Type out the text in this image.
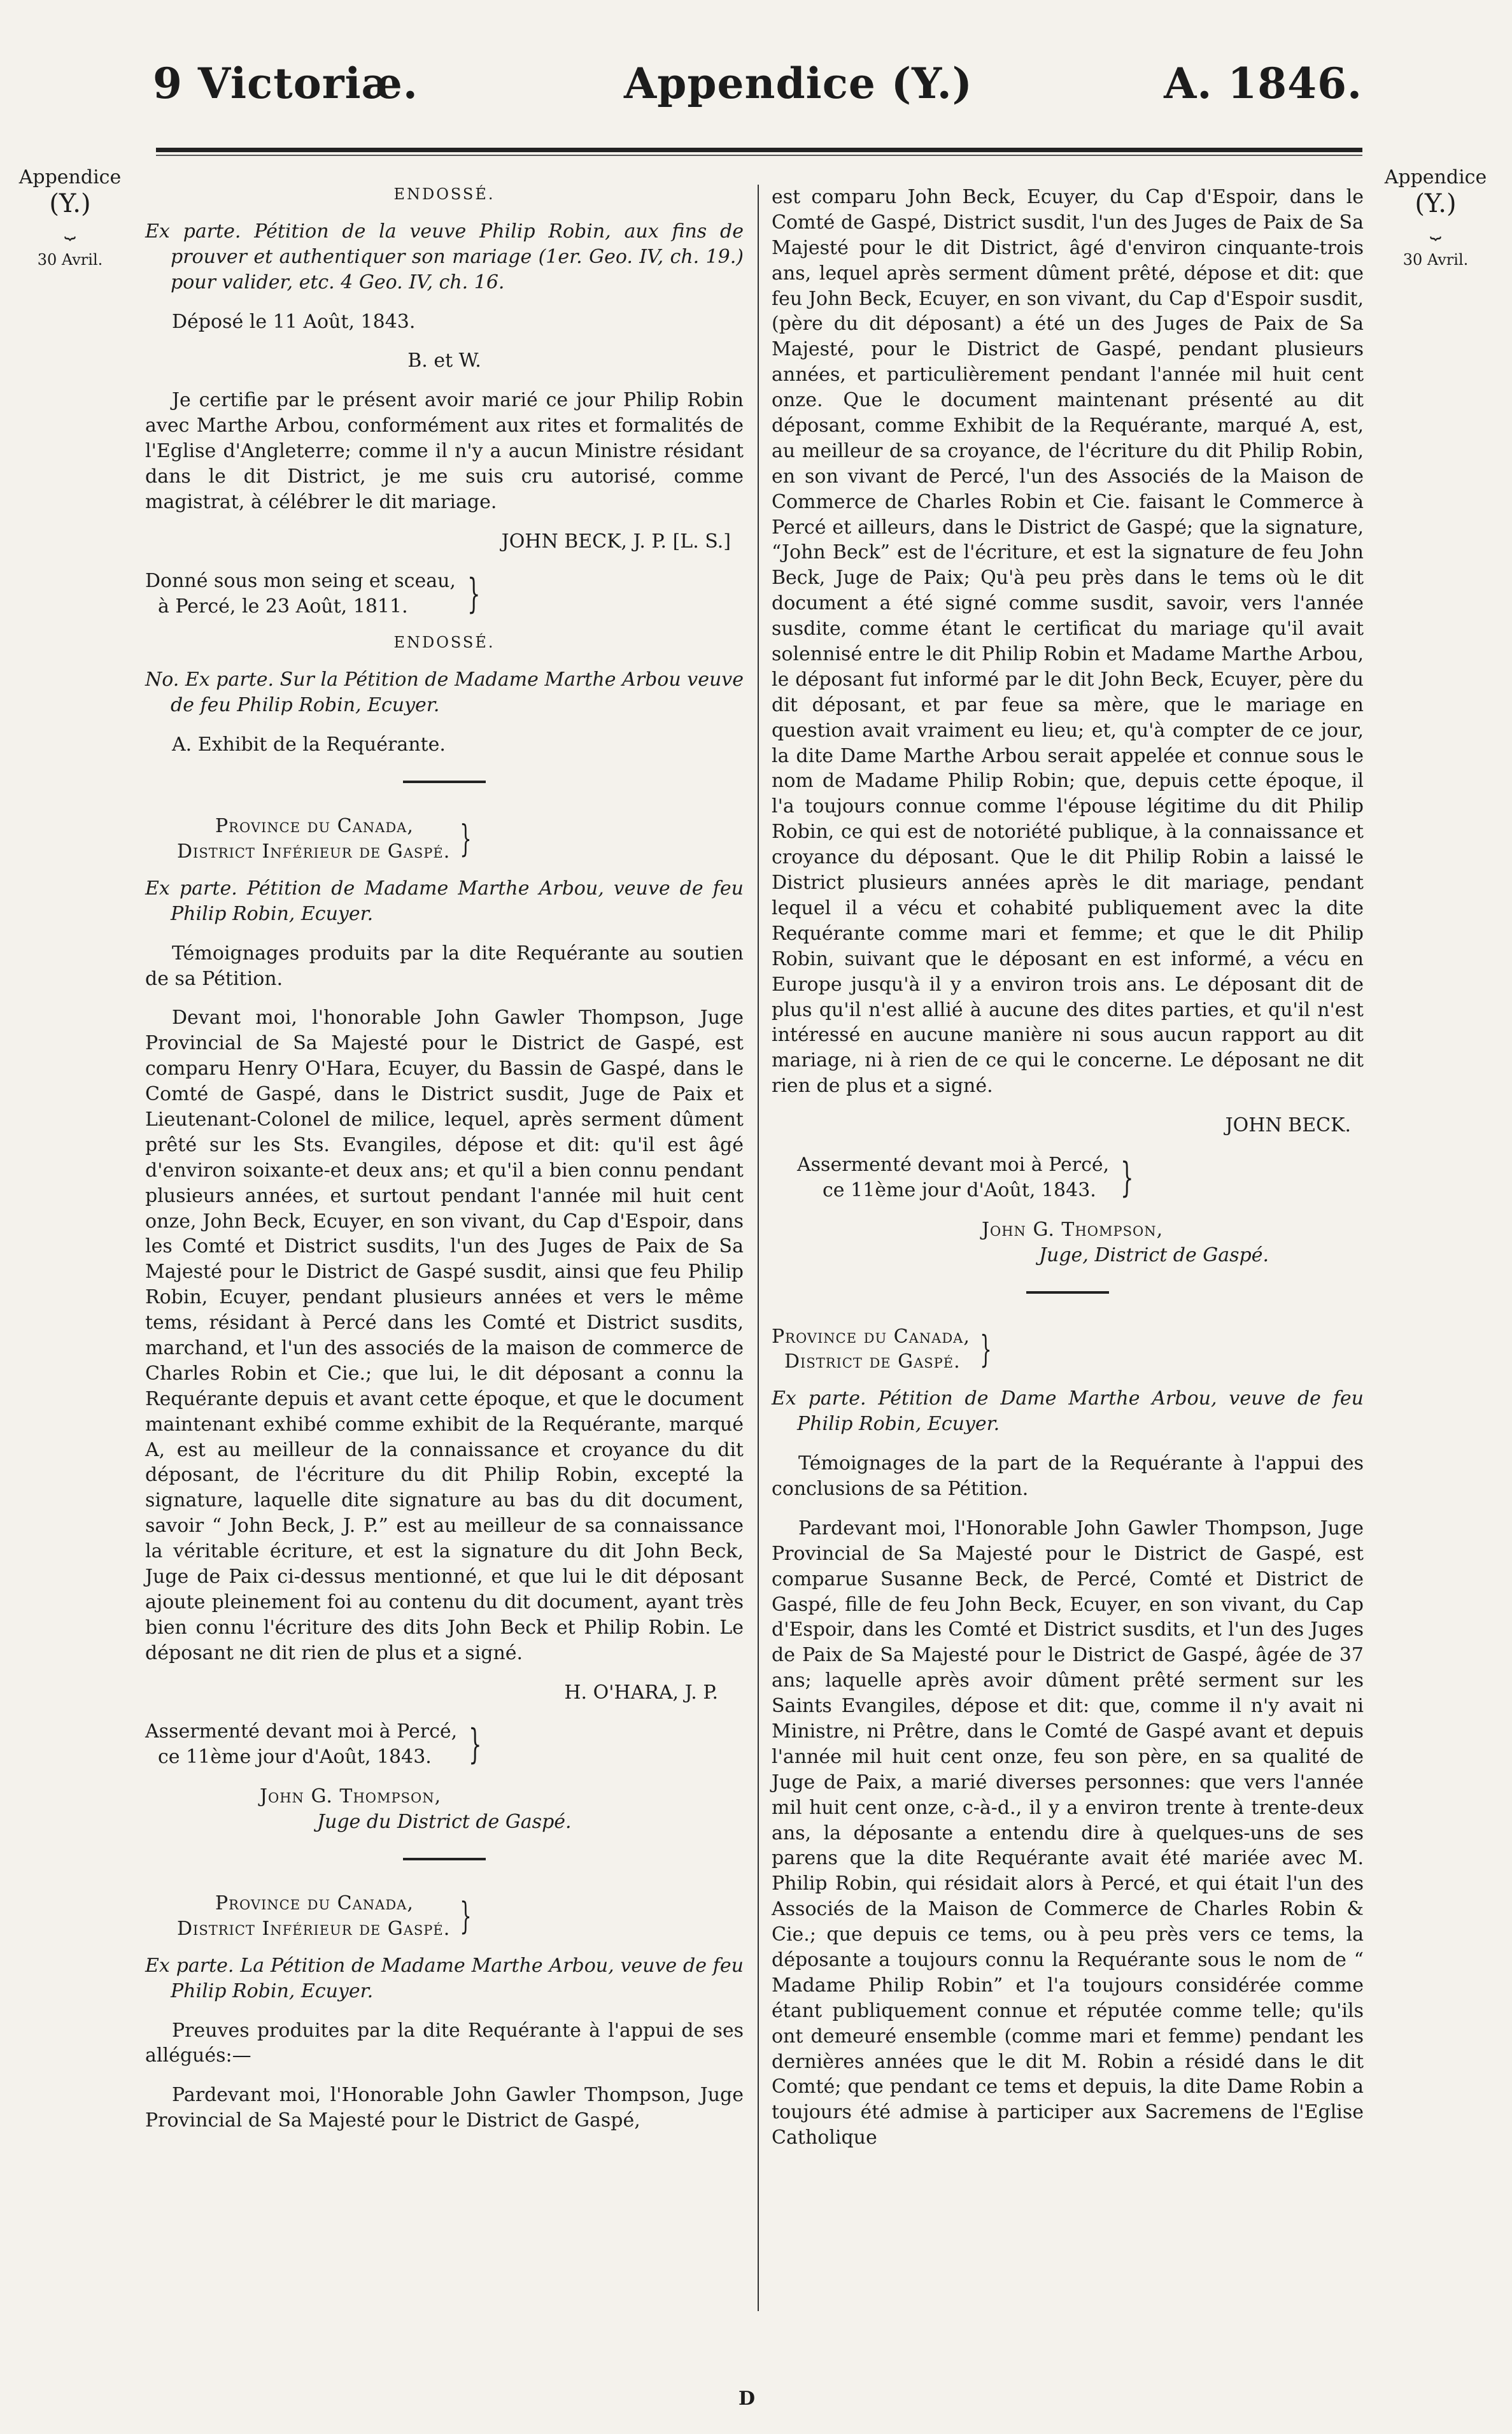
9 Victoriæ.	Appendice (Y.)	A. 1846.
Appendice
(Y.)
⏟
30 Avril.
Appendice
(Y.)
⏟
30 Avril.

ENDOSSÉ.

Ex parte. Pétition de la veuve Philip Robin, aux fins de prouver et authentiquer son mariage (1er. Geo. IV, ch. 19.) pour valider, etc. 4 Geo. IV, ch. 16.

Déposé le 11 Août, 1843.

B. et W.

Je certifie par le présent avoir marié ce jour Philip Robin avec Marthe Arbou, conformément aux rites et formalités de l'Eglise d'Angleterre; comme il n'y a aucun Ministre résidant dans le dit District, je me suis cru autorisé, comme magistrat, à célébrer le dit mariage.

JOHN BECK, J. P. [L. S.]

Donné sous mon seing et sceau,
à Percé, le 23 Août, 1811.	}

ENDOSSÉ.

No. Ex parte. Sur la Pétition de Madame Marthe Arbou veuve de feu Philip Robin, Ecuyer.

A. Exhibit de la Requérante.

Province du Canada,
District Inférieur de Gaspé. }

Ex parte. Pétition de Madame Marthe Arbou, veuve de feu Philip Robin, Ecuyer.

Témoignages produits par la dite Requérante au soutien de sa Pétition.

Devant moi, l'honorable John Gawler Thompson, Juge Provincial de Sa Majesté pour le District de Gaspé, est comparu Henry O'Hara, Ecuyer, du Bassin de Gaspé, dans le Comté de Gaspé, dans le District susdit, Juge de Paix et Lieutenant-Colonel de milice, lequel, après serment dûment prêté sur les Sts. Evangiles, dépose et dit: qu'il est âgé d'environ soixante-et deux ans; et qu'il a bien connu pendant plusieurs années, et surtout pendant l'année mil huit cent onze, John Beck, Ecuyer, en son vivant, du Cap d'Espoir, dans les Comté et District susdits, l'un des Juges de Paix de Sa Majesté pour le District de Gaspé susdit, ainsi que feu Philip Robin, Ecuyer, pendant plusieurs années et vers le même tems, résidant à Percé dans les Comté et District susdits, marchand, et l'un des associés de la maison de commerce de Charles Robin et Cie.; que lui, le dit déposant a connu la Requérante depuis et avant cette époque, et que le document maintenant exhibé comme exhibit de la Requérante, marqué A, est au meilleur de la connaissance et croyance du dit déposant, de l'écriture du dit Philip Robin, excepté la signature, laquelle dite signature au bas du dit document, savoir “ John Beck, J. P.” est au meilleur de sa connaissance la véritable écriture, et est la signature du dit John Beck, Juge de Paix ci-dessus mentionné, et que lui le dit déposant ajoute pleinement foi au contenu du dit document, ayant très bien connu l'écriture des dits John Beck et Philip Robin. Le déposant ne dit rien de plus et a signé.

H. O'HARA, J. P.

Assermenté devant moi à Percé,
ce 11ème jour d'Août, 1843. }
John G. Thompson,
Juge du District de Gaspé.
Province du Canada,
District Inférieur de Gaspé. }

Ex parte. La Pétition de Madame Marthe Arbou, veuve de feu Philip Robin, Ecuyer.

Preuves produites par la dite Requérante à l'appui de ses allégués:—

Pardevant moi, l'Honorable John Gawler Thompson, Juge Provincial de Sa Majesté pour le District de Gaspé,

est comparu John Beck, Ecuyer, du Cap d'Espoir, dans le Comté de Gaspé, District susdit, l'un des Juges de Paix de Sa Majesté pour le dit District, âgé d'environ cinquante-trois ans, lequel après serment dûment prêté, dépose et dit: que feu John Beck, Ecuyer, en son vivant, du Cap d'Espoir susdit, (père du dit déposant) a été un des Juges de Paix de Sa Majesté, pour le District de Gaspé, pendant plusieurs années, et particulièrement pendant l'année mil huit cent onze. Que le document maintenant présenté au dit déposant, comme Exhibit de la Requérante, marqué A, est, au meilleur de sa croyance, de l'écriture du dit Philip Robin, en son vivant de Percé, l'un des Associés de la Maison de Commerce de Charles Robin et Cie. faisant le Commerce à Percé et ailleurs, dans le District de Gaspé; que la signature, “John Beck” est de l'écriture, et est la signature de feu John Beck, Juge de Paix; Qu'à peu près dans le tems où le dit document a été signé comme susdit, savoir, vers l'année susdite, comme étant le certificat du mariage qu'il avait solennisé entre le dit Philip Robin et Madame Marthe Arbou, le déposant fut informé par le dit John Beck, Ecuyer, père du dit déposant, et par feue sa mère, que le mariage en question avait vraiment eu lieu; et, qu'à compter de ce jour, la dite Dame Marthe Arbou serait appelée et connue sous le nom de Madame Philip Robin; que, depuis cette époque, il l'a toujours connue comme l'épouse légitime du dit Philip Robin, ce qui est de notoriété publique, à la connaissance et croyance du déposant. Que le dit Philip Robin a laissé le District plusieurs années après le dit mariage, pendant lequel il a vécu et cohabité publiquement avec la dite Requérante comme mari et femme; et que le dit Philip Robin, suivant que le déposant en est informé, a vécu en Europe jusqu'à il y a environ trois ans. Le déposant dit de plus qu'il n'est allié à aucune des dites parties, et qu'il n'est intéressé en aucune manière ni sous aucun rapport au dit mariage, ni à rien de ce qui le concerne. Le déposant ne dit rien de plus et a signé.

JOHN BECK.

Assermenté devant moi à Percé,
ce 11ème jour d'Août, 1843. }
John G. Thompson,
Juge, District de Gaspé.
Province du Canada,
District de Gaspé. }

Ex parte. Pétition de Dame Marthe Arbou, veuve de feu Philip Robin, Ecuyer.

Témoignages de la part de la Requérante à l'appui des conclusions de sa Pétition.

Pardevant moi, l'Honorable John Gawler Thompson, Juge Provincial de Sa Majesté pour le District de Gaspé, est comparue Susanne Beck, de Percé, Comté et District de Gaspé, fille de feu John Beck, Ecuyer, en son vivant, du Cap d'Espoir, dans les Comté et District susdits, et l'un des Juges de Paix de Sa Majesté pour le District de Gaspé, âgée de 37 ans; laquelle après avoir dûment prêté serment sur les Saints Evangiles, dépose et dit: que, comme il n'y avait ni Ministre, ni Prêtre, dans le Comté de Gaspé avant et depuis l'année mil huit cent onze, feu son père, en sa qualité de Juge de Paix, a marié diverses personnes: que vers l'année mil huit cent onze, c-à-d., il y a environ trente à trente-deux ans, la déposante a entendu dire à quelques-uns de ses parens que la dite Requérante avait été mariée avec M. Philip Robin, qui résidait alors à Percé, et qui était l'un des Associés de la Maison de Commerce de Charles Robin & Cie.; que depuis ce tems, ou à peu près vers ce tems, la déposante a toujours connu la Requérante sous le nom de “ Madame Philip Robin” et l'a toujours considérée comme étant publiquement connue et réputée comme telle; qu'ils ont demeuré ensemble (comme mari et femme) pendant les dernières années que le dit M. Robin a résidé dans le dit Comté; que pendant ce tems et depuis, la dite Dame Robin a toujours été admise à participer aux Sacremens de l'Eglise Catholique

D
